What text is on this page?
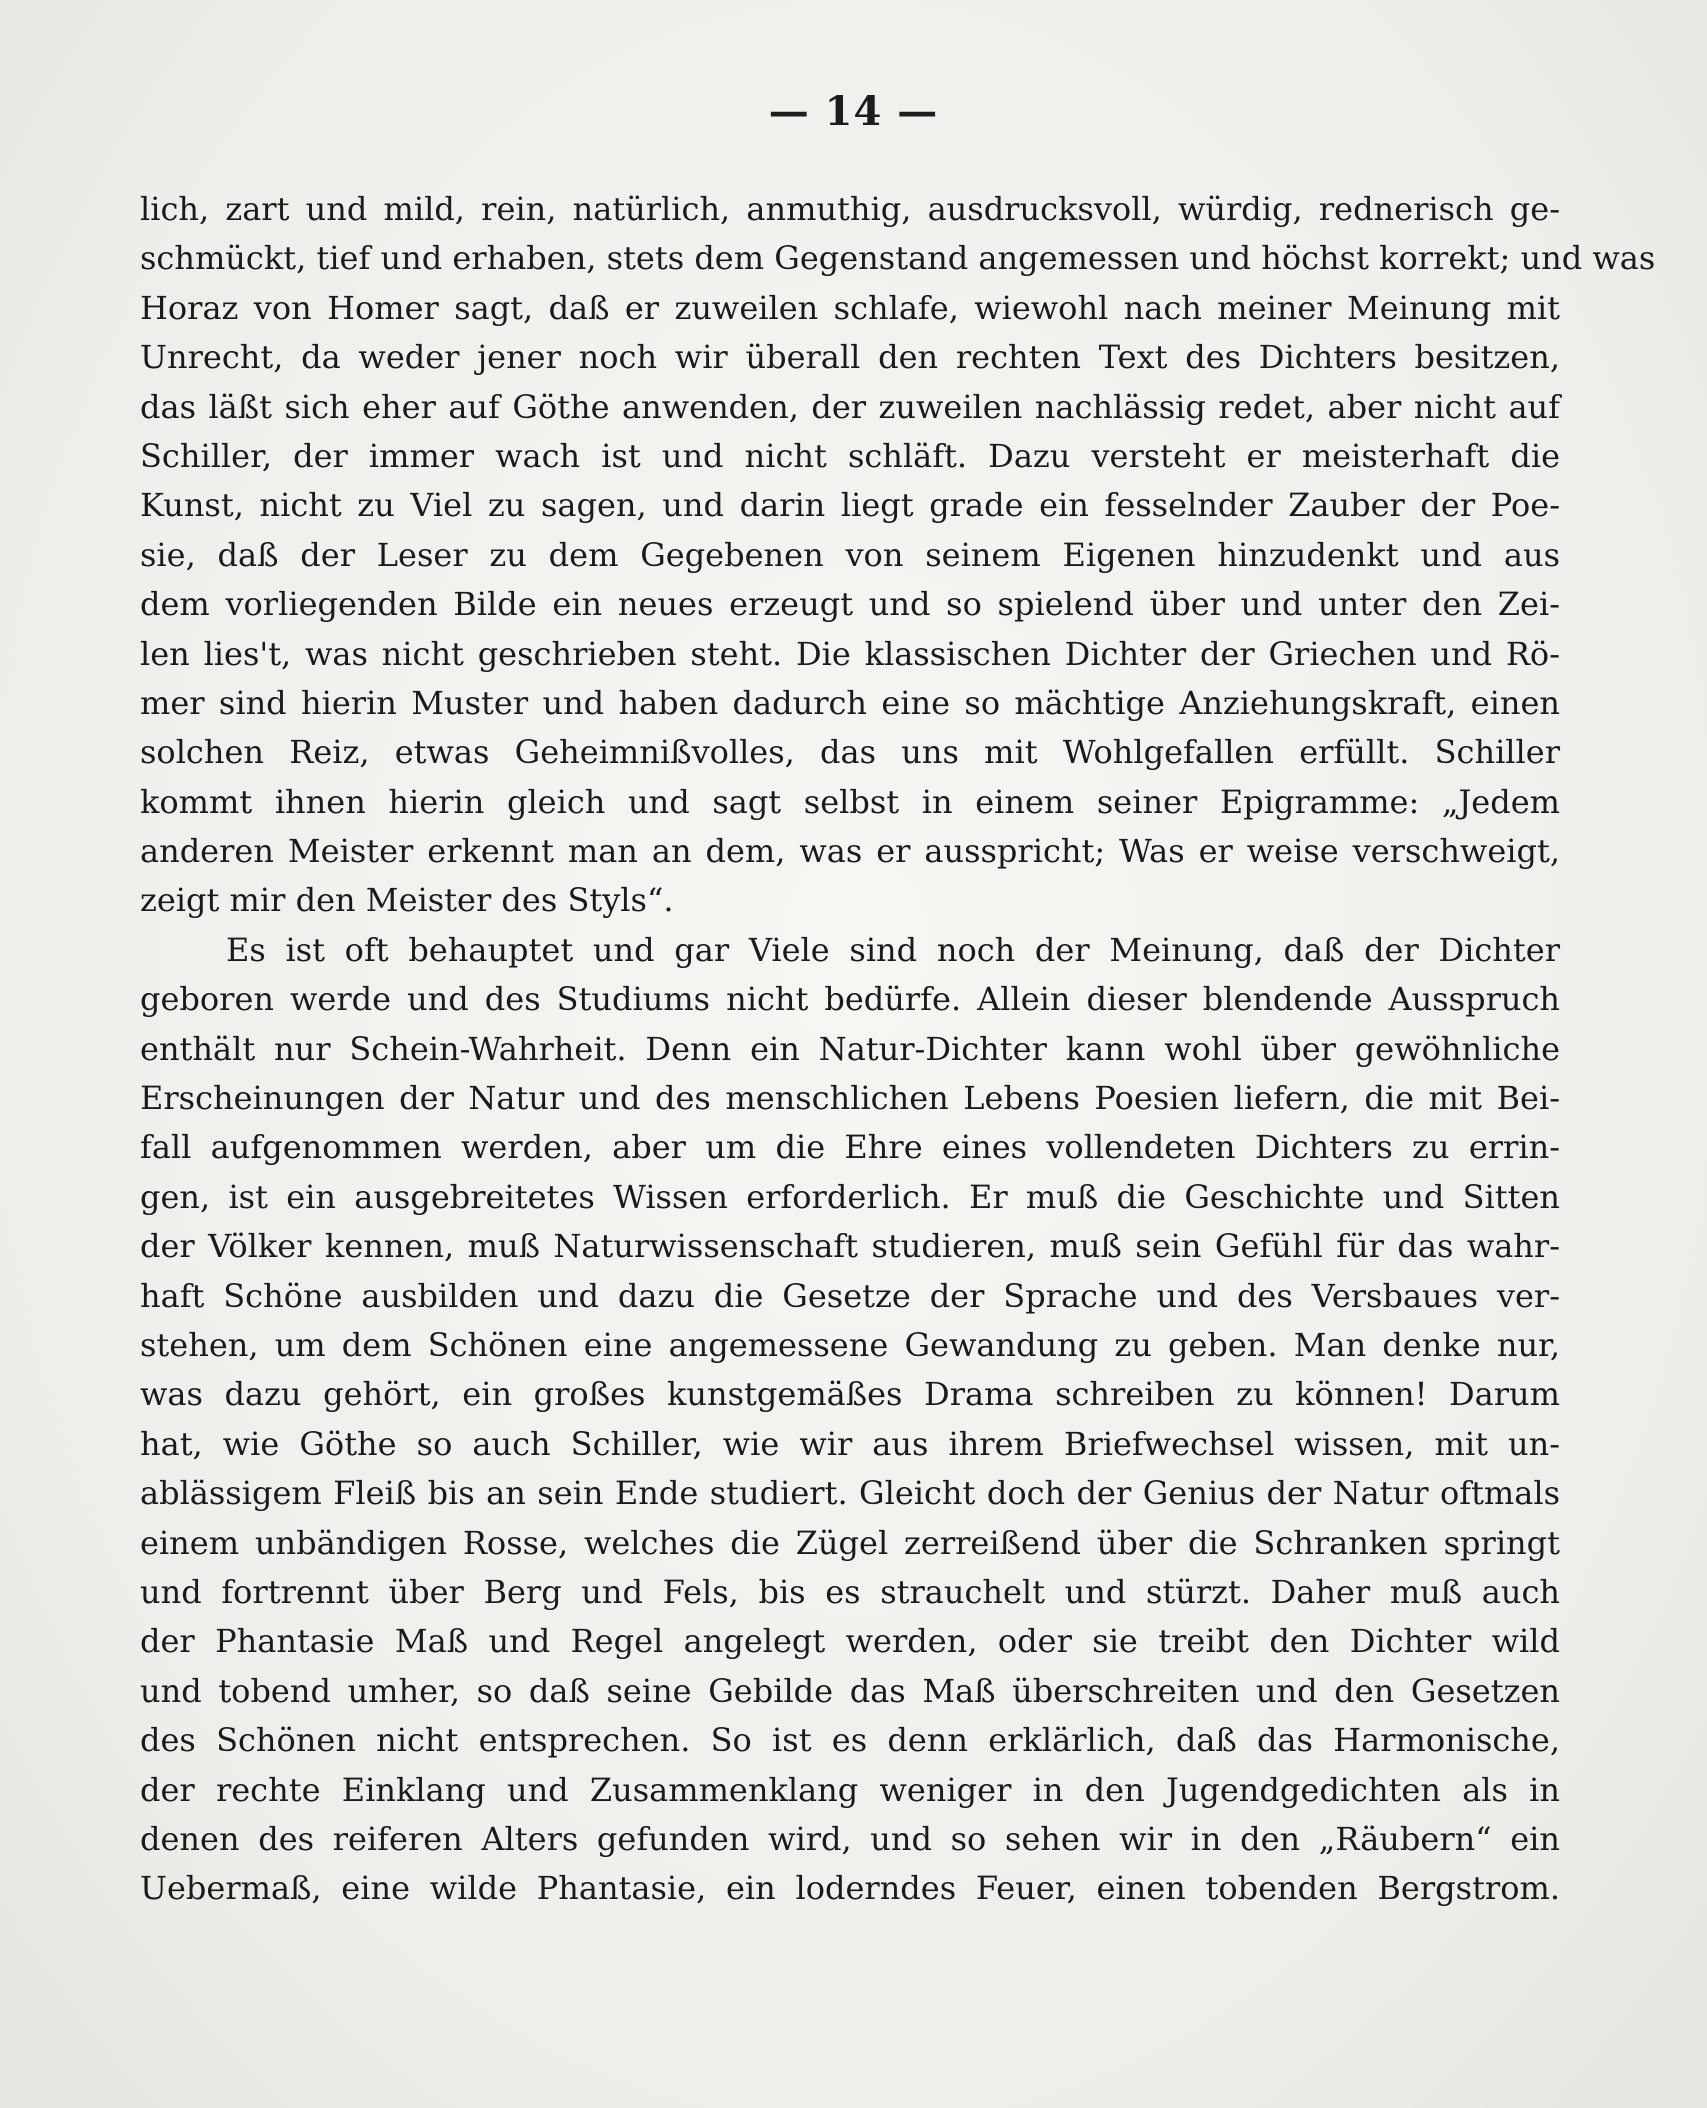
— 14 —
lich, zart und mild, rein, natürlich, anmuthig, ausdrucksvoll, würdig, rednerisch ge-
schmückt, tief und erhaben, stets dem Gegenstand angemessen und höchst korrekt; und was
Horaz von Homer sagt, daß er zuweilen schlafe, wiewohl nach meiner Meinung mit
Unrecht, da weder jener noch wir überall den rechten Text des Dichters besitzen,
das läßt sich eher auf Göthe anwenden, der zuweilen nachlässig redet, aber nicht auf
Schiller, der immer wach ist und nicht schläft. Dazu versteht er meisterhaft die
Kunst, nicht zu Viel zu sagen, und darin liegt grade ein fesselnder Zauber der Poe-
sie, daß der Leser zu dem Gegebenen von seinem Eigenen hinzudenkt und aus
dem vorliegenden Bilde ein neues erzeugt und so spielend über und unter den Zei-
len lies't, was nicht geschrieben steht. Die klassischen Dichter der Griechen und Rö-
mer sind hierin Muster und haben dadurch eine so mächtige Anziehungskraft, einen
solchen Reiz, etwas Geheimnißvolles, das uns mit Wohlgefallen erfüllt. Schiller
kommt ihnen hierin gleich und sagt selbst in einem seiner Epigramme: „Jedem
anderen Meister erkennt man an dem, was er ausspricht; Was er weise verschweigt,
zeigt mir den Meister des Styls“.
Es ist oft behauptet und gar Viele sind noch der Meinung, daß der Dichter
geboren werde und des Studiums nicht bedürfe. Allein dieser blendende Ausspruch
enthält nur Schein-Wahrheit. Denn ein Natur-Dichter kann wohl über gewöhnliche
Erscheinungen der Natur und des menschlichen Lebens Poesien liefern, die mit Bei-
fall aufgenommen werden, aber um die Ehre eines vollendeten Dichters zu errin-
gen, ist ein ausgebreitetes Wissen erforderlich. Er muß die Geschichte und Sitten
der Völker kennen, muß Naturwissenschaft studieren, muß sein Gefühl für das wahr-
haft Schöne ausbilden und dazu die Gesetze der Sprache und des Versbaues ver-
stehen, um dem Schönen eine angemessene Gewandung zu geben. Man denke nur,
was dazu gehört, ein großes kunstgemäßes Drama schreiben zu können! Darum
hat, wie Göthe so auch Schiller, wie wir aus ihrem Briefwechsel wissen, mit un-
ablässigem Fleiß bis an sein Ende studiert. Gleicht doch der Genius der Natur oftmals
einem unbändigen Rosse, welches die Zügel zerreißend über die Schranken springt
und fortrennt über Berg und Fels, bis es strauchelt und stürzt. Daher muß auch
der Phantasie Maß und Regel angelegt werden, oder sie treibt den Dichter wild
und tobend umher, so daß seine Gebilde das Maß überschreiten und den Gesetzen
des Schönen nicht entsprechen. So ist es denn erklärlich, daß das Harmonische,
der rechte Einklang und Zusammenklang weniger in den Jugendgedichten als in
denen des reiferen Alters gefunden wird, und so sehen wir in den „Räubern“ ein
Uebermaß, eine wilde Phantasie, ein loderndes Feuer, einen tobenden Bergstrom.
